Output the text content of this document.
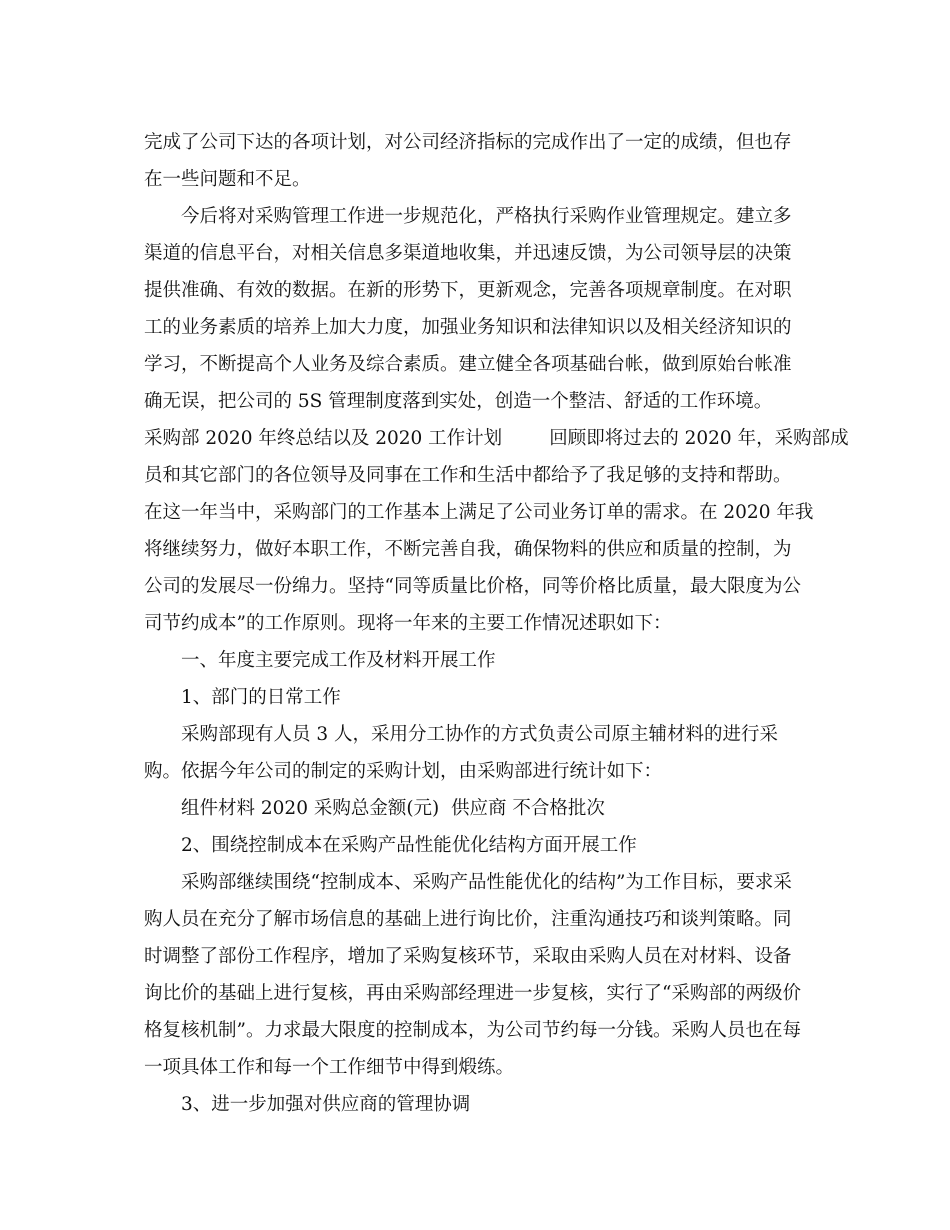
完成了公司下达的各项计划，对公司经济指标的完成作出了一定的成绩，但也存
在一些问题和不足。
今后将对采购管理工作进一步规范化，严格执行采购作业管理规定。建立多
渠道的信息平台，对相关信息多渠道地收集，并迅速反馈，为公司领导层的决策
提供准确、有效的数据。在新的形势下，更新观念，完善各项规章制度。在对职
工的业务素质的培养上加大力度，加强业务知识和法律知识以及相关经济知识的
学习，不断提高个人业务及综合素质。建立健全各项基础台帐，做到原始台帐准
确无误，把公司的 5S 管理制度落到实处，创造一个整洁、舒适的工作环境。
采购部 2020 年终总结以及 2020 工作计划        回顾即将过去的 2020 年，采购部成
员和其它部门的各位领导及同事在工作和生活中都给予了我足够的支持和帮助。
在这一年当中，采购部门的工作基本上满足了公司业务订单的需求。在 2020 年我
将继续努力，做好本职工作，不断完善自我，确保物料的供应和质量的控制，为
公司的发展尽一份绵力。坚持“同等质量比价格，同等价格比质量，最大限度为公
司节约成本”的工作原则。现将一年来的主要工作情况述职如下：
一、年度主要完成工作及材料开展工作
1、部门的日常工作
采购部现有人员 3 人，采用分工协作的方式负责公司原主辅材料的进行采
购。依据今年公司的制定的采购计划，由采购部进行统计如下：
组件材料 2020 采购总金额(元)  供应商 不合格批次
2、围绕控制成本在采购产品性能优化结构方面开展工作
采购部继续围绕“控制成本、采购产品性能优化的结构”为工作目标，要求采
购人员在充分了解市场信息的基础上进行询比价，注重沟通技巧和谈判策略。同
时调整了部份工作程序，增加了采购复核环节，采取由采购人员在对材料、设备
询比价的基础上进行复核，再由采购部经理进一步复核，实行了“采购部的两级价
格复核机制”。力求最大限度的控制成本，为公司节约每一分钱。采购人员也在每
一项具体工作和每一个工作细节中得到煅练。
3、进一步加强对供应商的管理协调
